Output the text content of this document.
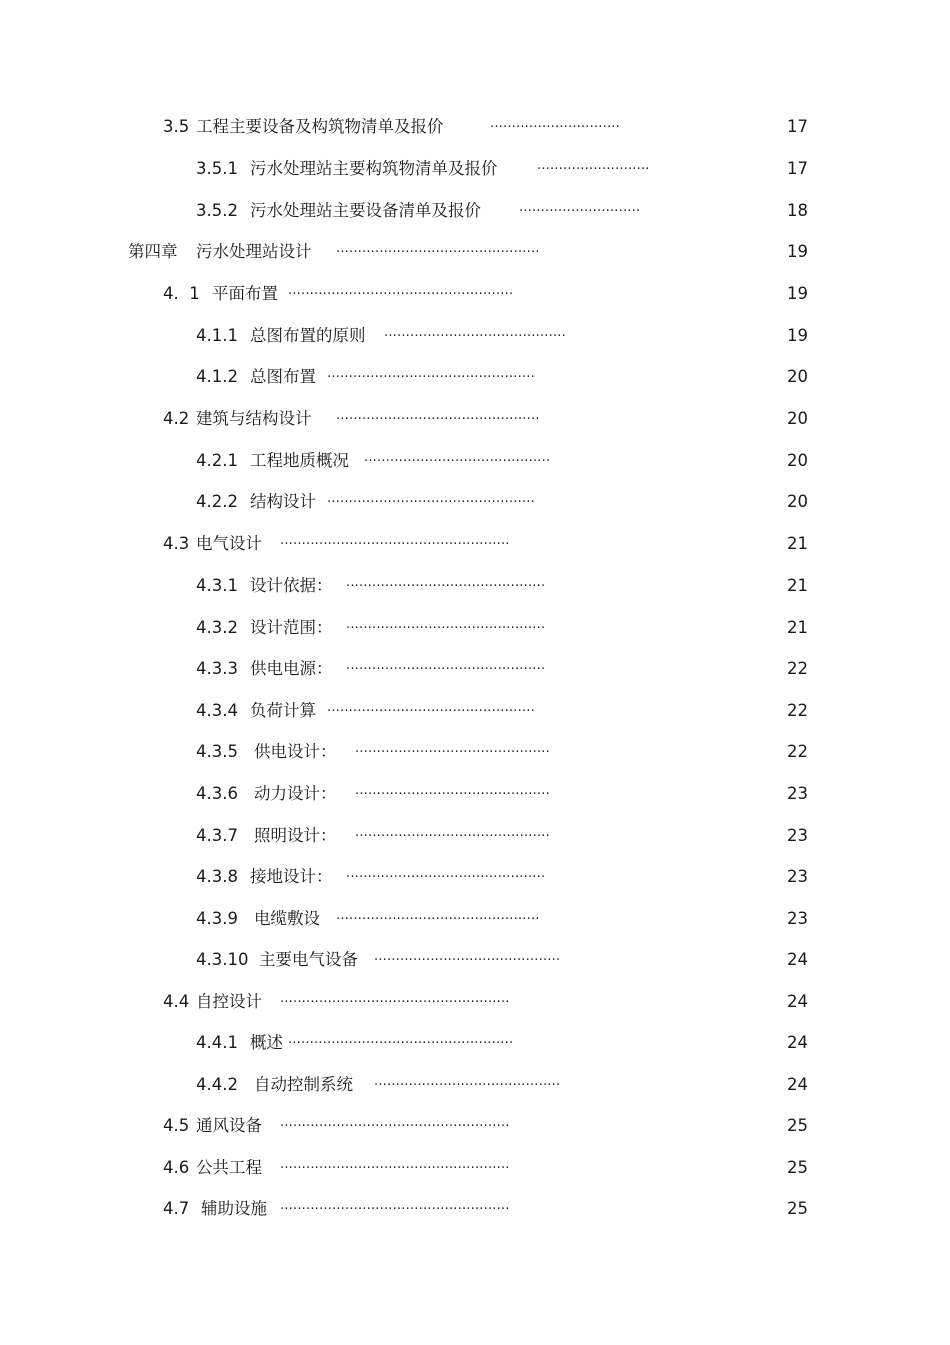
3.5 工程主要设备及构筑物清单及报价	..............................	17
3.5.1 污水处理站主要构筑物清单及报价	..........................	17
3.5.2 污水处理站主要设备清单及报价	............................	18
第四章 污水处理站设计 ...............................................	19
4.  1 平面布置 ....................................................	19
4.1.1 总图布置的原则 ..........................................	19
4.1.2 总图布置 ................................................	20
4.2 建筑与结构设计 ...............................................	20
4.2.1 工程地质概况 ...........................................	20
4.2.2 结构设计 ................................................	20
4.3 电气设计 .....................................................	21
4.3.1 设计依据： ..............................................	21
4.3.2 设计范围： ..............................................	21
4.3.3 供电电源： ..............................................	22
4.3.4 负荷计算 ................................................	22
4.3.5 供电设计： .............................................	22
4.3.6 动力设计： .............................................	23
4.3.7 照明设计： .............................................	23
4.3.8 接地设计： ..............................................	23
4.3.9 电缆敷设 ...............................................	23
4.3.10 主要电气设备 ...........................................	24
4.4 自控设计 .....................................................	24
4.4.1 概述 ....................................................	24
4.4.2 自动控制系统 ...........................................	24
4.5 通风设备 .....................................................	25
4.6 公共工程 .....................................................	25
4.7 辅助设施 .....................................................	25
